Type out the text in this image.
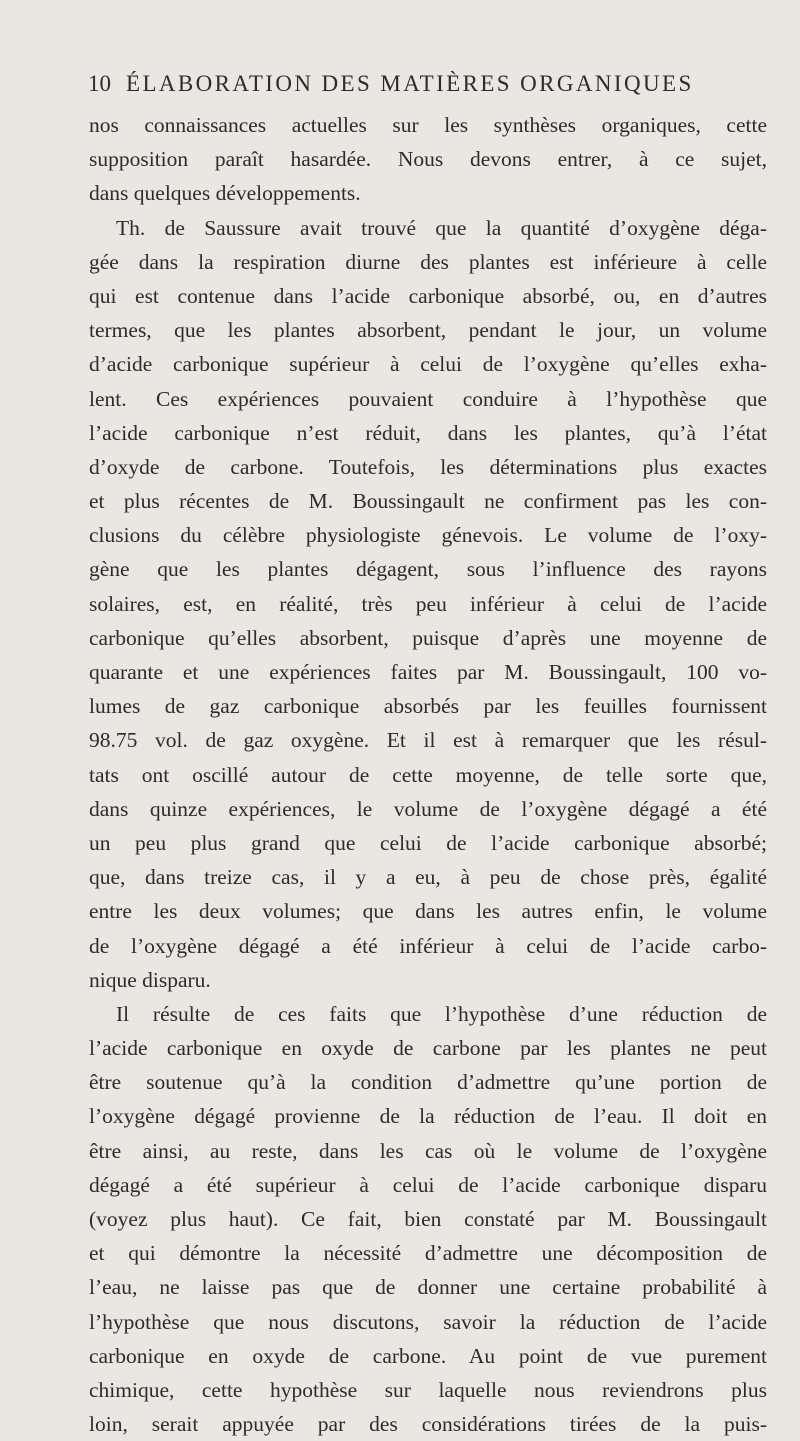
10 ÉLABORATION DES MATIÈRES ORGANIQUES
nos connaissances actuelles sur les synthèses organiques, cette
supposition paraît hasardée. Nous devons entrer, à ce sujet,
dans quelques développements.
Th. de Saussure avait trouvé que la quantité d’oxygène déga-
gée dans la respiration diurne des plantes est inférieure à celle
qui est contenue dans l’acide carbonique absorbé, ou, en d’autres
termes, que les plantes absorbent, pendant le jour, un volume
d’acide carbonique supérieur à celui de l’oxygène qu’elles exha-
lent. Ces expériences pouvaient conduire à l’hypothèse que
l’acide carbonique n’est réduit, dans les plantes, qu’à l’état
d’oxyde de carbone. Toutefois, les déterminations plus exactes
et plus récentes de M. Boussingault ne confirment pas les con-
clusions du célèbre physiologiste génevois. Le volume de l’oxy-
gène que les plantes dégagent, sous l’influence des rayons
solaires, est, en réalité, très peu inférieur à celui de l’acide
carbonique qu’elles absorbent, puisque d’après une moyenne de
quarante et une expériences faites par M. Boussingault, 100 vo-
lumes de gaz carbonique absorbés par les feuilles fournissent
98.75 vol. de gaz oxygène. Et il est à remarquer que les résul-
tats ont oscillé autour de cette moyenne, de telle sorte que,
dans quinze expériences, le volume de l’oxygène dégagé a été
un peu plus grand que celui de l’acide carbonique absorbé;
que, dans treize cas, il y a eu, à peu de chose près, égalité
entre les deux volumes; que dans les autres enfin, le volume
de l’oxygène dégagé a été inférieur à celui de l’acide carbo-
nique disparu.
Il résulte de ces faits que l’hypothèse d’une réduction de
l’acide carbonique en oxyde de carbone par les plantes ne peut
être soutenue qu’à la condition d’admettre qu’une portion de
l’oxygène dégagé provienne de la réduction de l’eau. Il doit en
être ainsi, au reste, dans les cas où le volume de l’oxygène
dégagé a été supérieur à celui de l’acide carbonique disparu
(voyez plus haut). Ce fait, bien constaté par M. Boussingault
et qui démontre la nécessité d’admettre une décomposition de
l’eau, ne laisse pas que de donner une certaine probabilité à
l’hypothèse que nous discutons, savoir la réduction de l’acide
carbonique en oxyde de carbone. Au point de vue purement
chimique, cette hypothèse sur laquelle nous reviendrons plus
loin, serait appuyée par des considérations tirées de la puis-
